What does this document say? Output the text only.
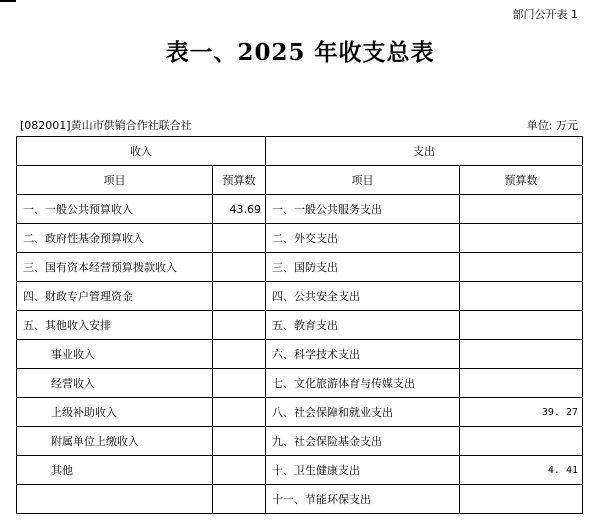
部门公开表 1
表一、2025 年收支总表
[082001]黄山市供销合作社联合社	单位: 万元
收入		支出	
项目	预算数	项目	预算数
一、一般公共预算收入	43.69	一、一般公共服务支出	
二、政府性基金预算收入		二、外交支出	
三、国有资本经营预算拨款收入		三、国防支出	
四、财政专户管理资金		四、公共安全支出	
五、其他收入安排		五、教育支出	
事业收入		六、科学技术支出	
经营收入		七、文化旅游体育与传媒支出	
上级补助收入		八、社会保障和就业支出	39. 27
附属单位上缴收入		九、社会保险基金支出	
其他		十、卫生健康支出	4. 41
		十一、节能环保支出	
